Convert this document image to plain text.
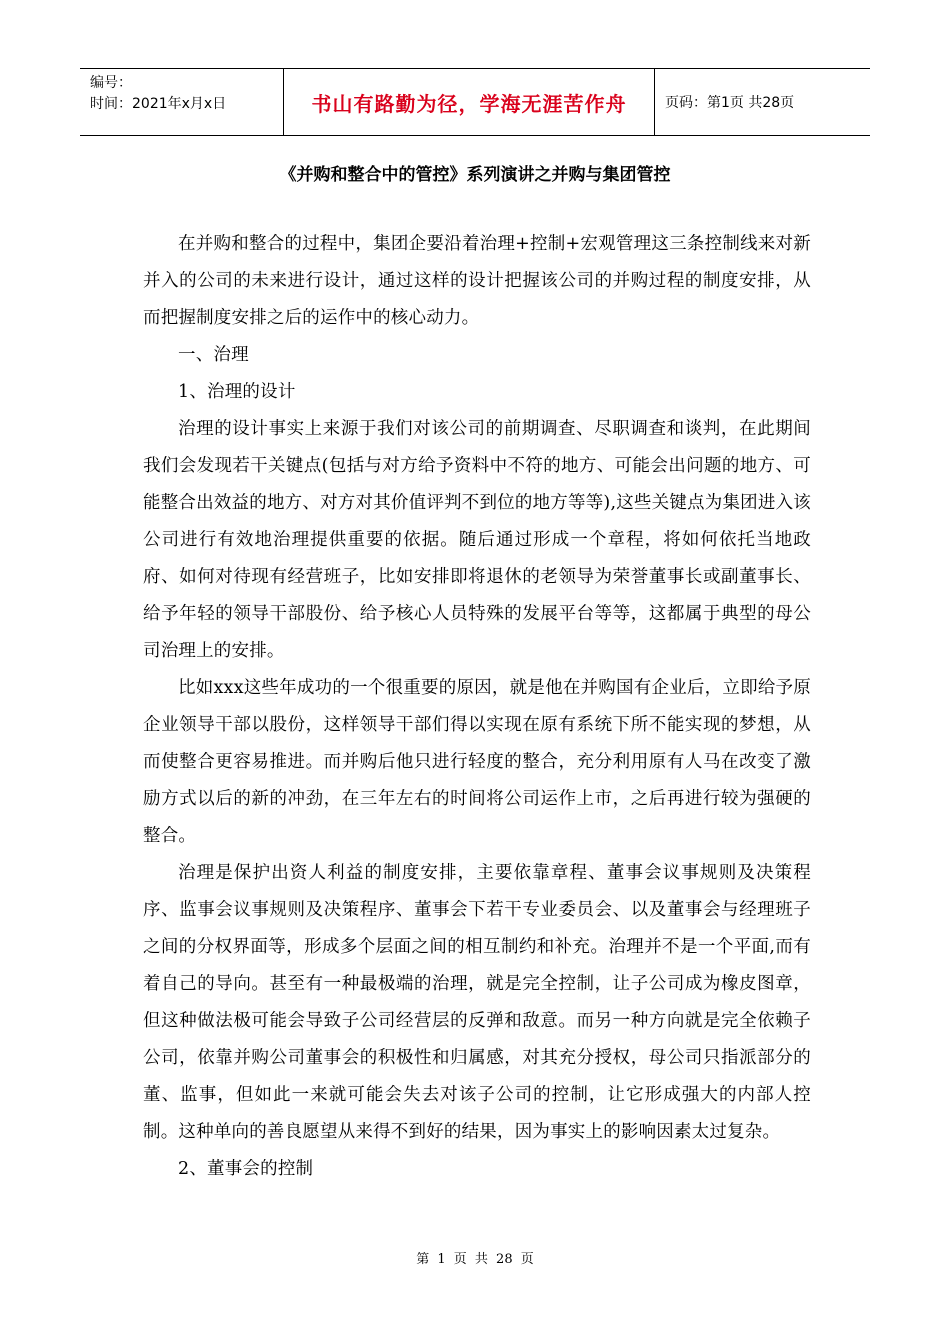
编号：
时间：2021年x月x日	书山有路勤为径，学海无涯苦作舟	页码：第1页 共28页
《并购和整合中的管控》系列演讲之并购与集团管控

在并购和整合的过程中，集团企要沿着治理+控制+宏观管理这三条控制线来对新并入的公司的未来进行设计，通过这样的设计把握该公司的并购过程的制度安排，从而把握制度安排之后的运作中的核心动力。

一、治理

1、治理的设计

治理的设计事实上来源于我们对该公司的前期调查、尽职调查和谈判，在此期间我们会发现若干关键点(包括与对方给予资料中不符的地方、可能会出问题的地方、可能整合出效益的地方、对方对其价值评判不到位的地方等等),这些关键点为集团进入该公司进行有效地治理提供重要的依据。随后通过形成一个章程，将如何依托当地政府、如何对待现有经营班子，比如安排即将退休的老领导为荣誉董事长或副董事长、给予年轻的领导干部股份、给予核心人员特殊的发展平台等等，这都属于典型的母公司治理上的安排。

比如xxx这些年成功的一个很重要的原因，就是他在并购国有企业后，立即给予原企业领导干部以股份，这样领导干部们得以实现在原有系统下所不能实现的梦想，从而使整合更容易推进。而并购后他只进行轻度的整合，充分利用原有人马在改变了激励方式以后的新的冲劲，在三年左右的时间将公司运作上市，之后再进行较为强硬的整合。

治理是保护出资人利益的制度安排，主要依靠章程、董事会议事规则及决策程序、监事会议事规则及决策程序、董事会下若干专业委员会、以及董事会与经理班子之间的分权界面等，形成多个层面之间的相互制约和补充。治理并不是一个平面,而有着自己的导向。甚至有一种最极端的治理，就是完全控制，让子公司成为橡皮图章，但这种做法极可能会导致子公司经营层的反弹和敌意。而另一种方向就是完全依赖子公司，依靠并购公司董事会的积极性和归属感，对其充分授权，母公司只指派部分的董、监事，但如此一来就可能会失去对该子公司的控制，让它形成强大的内部人控制。这种单向的善良愿望从来得不到好的结果，因为事实上的影响因素太过复杂。

2、董事会的控制

第 1 页 共 28 页
